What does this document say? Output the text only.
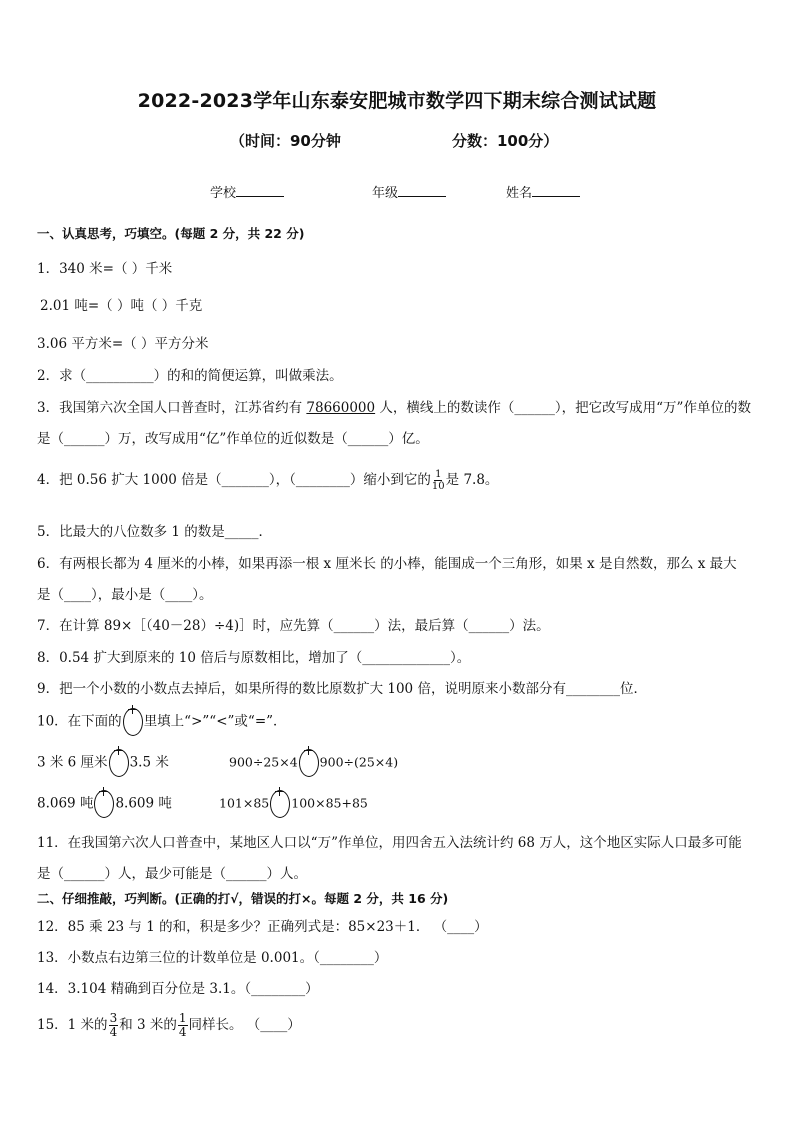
2022-2023学年山东泰安肥城市数学四下期末综合测试试题
（时间：90分钟	分数：100分）
学校	年级	姓名
一、认真思考，巧填空。(每题 2 分，共 22 分)
1．340 米=（ ）千米
2.01 吨=（ ）吨（ ）千克
3.06 平方米=（ ）平方分米
2．求（__________）的和的简便运算，叫做乘法。
3．我国第六次全国人口普查时，江苏省约有 78660000 人，横线上的数读作（______），把它改写成用“万”作单位的数
是（______）万，改写成用“亿”作单位的近似数是（______）亿。
4．把 0.56 扩大 1000 倍是（_______），（________）缩小到它的 $\frac{1}{10}$ 是 7.8。
5．比最大的八位数多 1 的数是_____．
6．有两根长都为 4 厘米的小棒，如果再添一根 x 厘米长 的小棒，能围成一个三角形，如果 x 是自然数，那么 x 最大
是（____），最小是（____）。
7．在计算 89×［（40－28）÷4)］时，应先算（______）法，最后算（______）法。
8．0.54 扩大到原来的 10 倍后与原数相比，增加了（_____________）。
9．把一个小数的小数点去掉后，如果所得的数比原数扩大 100 倍，说明原来小数部分有________位．
10．在下面的 里填上“>”“<”或“=”．
3 米 6 厘米 3.5 米	900÷25×4 900÷(25×4)
8.069 吨 8.609 吨	101×85 100×85+85
11．在我国第六次人口普查中，某地区人口以“万”作单位，用四舍五入法统计约 68 万人，这个地区实际人口最多可能
是（______）人，最少可能是（______）人。
二、仔细推敲，巧判断。(正确的打√，错误的打×。每题 2 分，共 16 分)
12．85 乘 23 与 1 的和，积是多少？正确列式是：85×23＋1． （____）
13．小数点右边第三位的计数单位是 0.001。（________）
14．3.104 精确到百分位是 3.1。（________）
15．1 米的 $\frac{3}{4}$ 和 3 米的 $\frac{1}{4}$ 同样长。 （____）
